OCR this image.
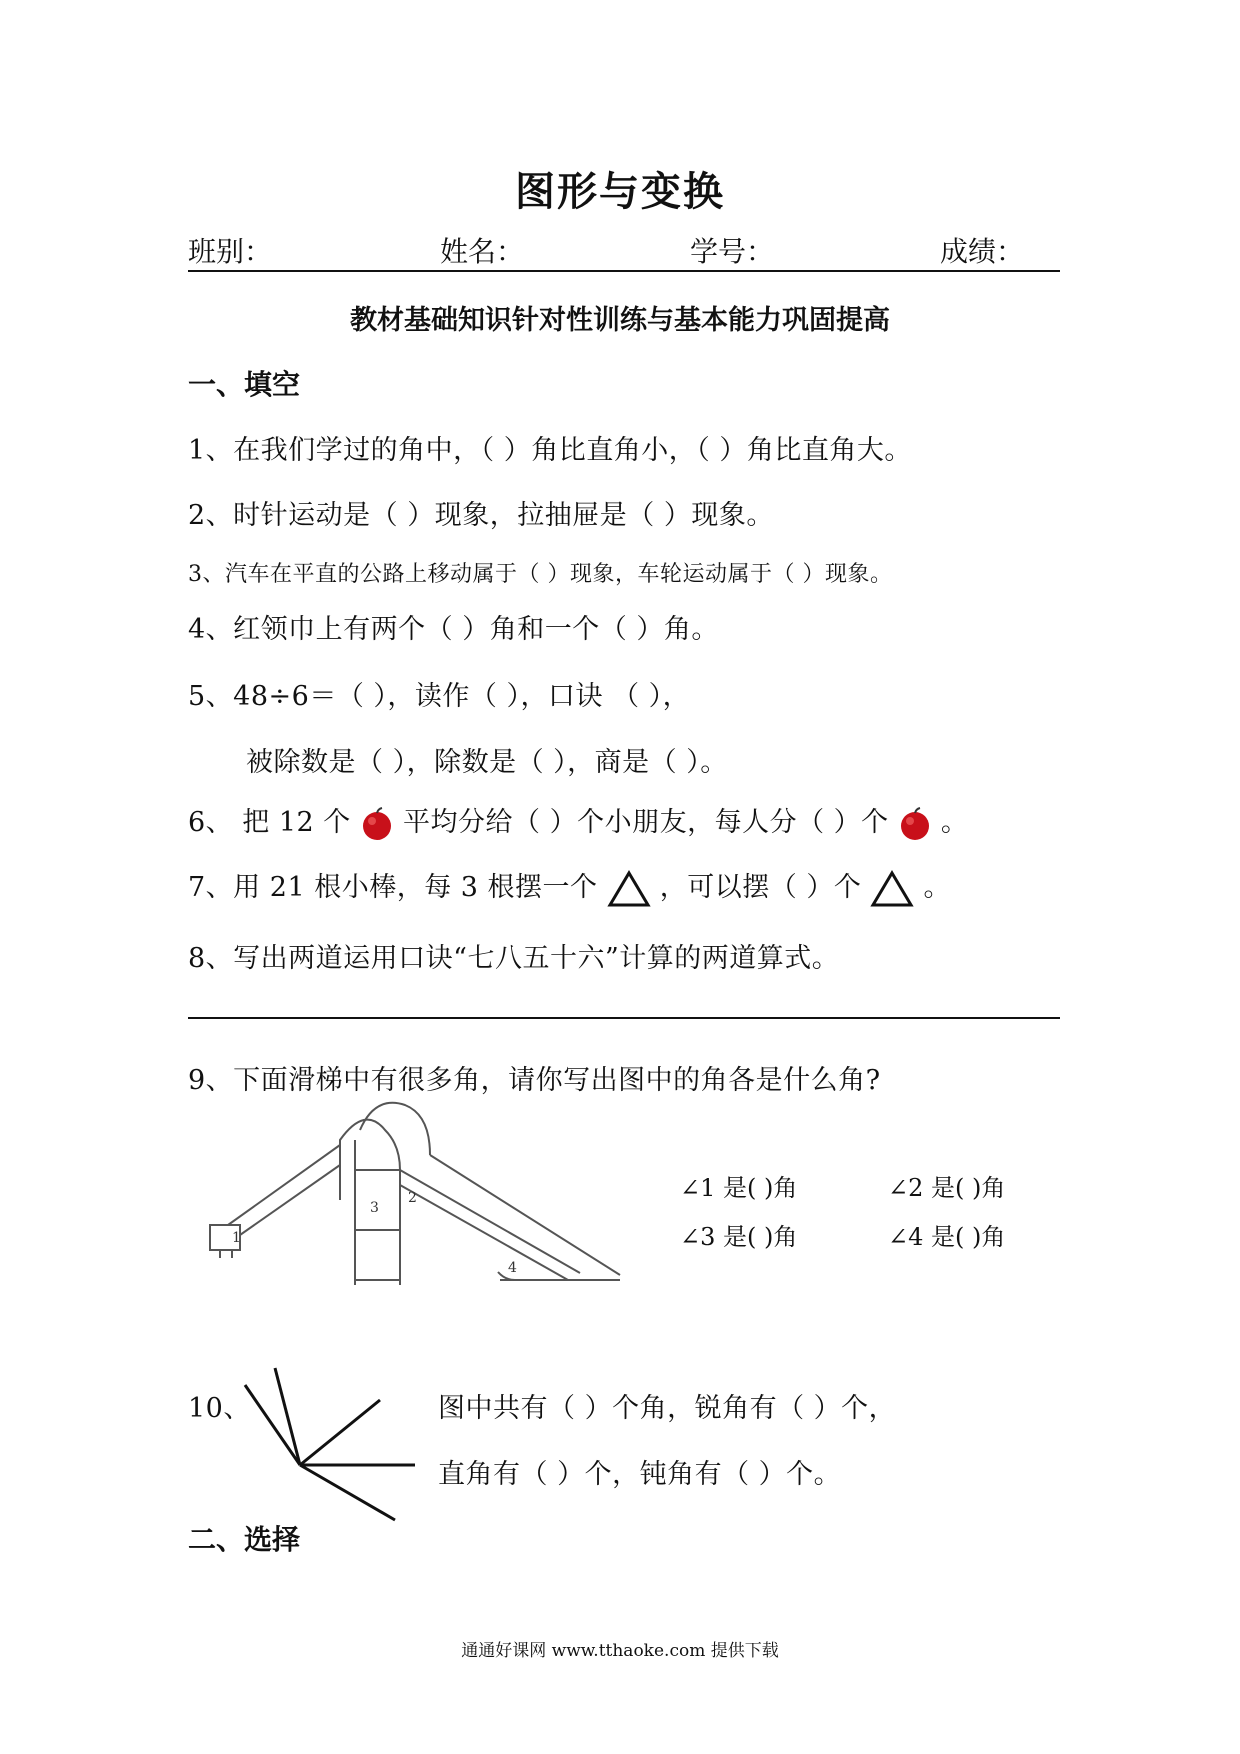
图形与变换
班别：	姓名：	学号：	成绩：
教材基础知识针对性训练与基本能力巩固提高
一、填空
1、在我们学过的角中，（ ）角比直角小，（ ）角比直角大。
2、时针运动是（ ）现象，拉抽屉是（ ）现象。
3、汽车在平直的公路上移动属于（ ）现象，车轮运动属于（ ）现象。
4、红领巾上有两个（ ）角和一个（ ）角。
5、48÷6＝（ ），读作（ ），口诀 （ ），
被除数是（ ），除数是（ ），商是（ ）。
6、 把 12 个 平均分给（ ）个小朋友，每人分（ ）个 。
7、用 21 根小棒，每 3 根摆一个 ，可以摆（ ）个 。
8、写出两道运用口诀“七八五十六”计算的两道算式。
9、下面滑梯中有很多角，请你写出图中的角各是什么角?
1
2
3
4
∠1 是( )角	∠2 是( )角
∠3 是( )角	∠4 是( )角
10、	图中共有（ ）个角，锐角有（ ）个，
直角有（ ）个，钝角有（ ）个。
二、选择
通通好课网 www.tthaoke.com 提供下载
